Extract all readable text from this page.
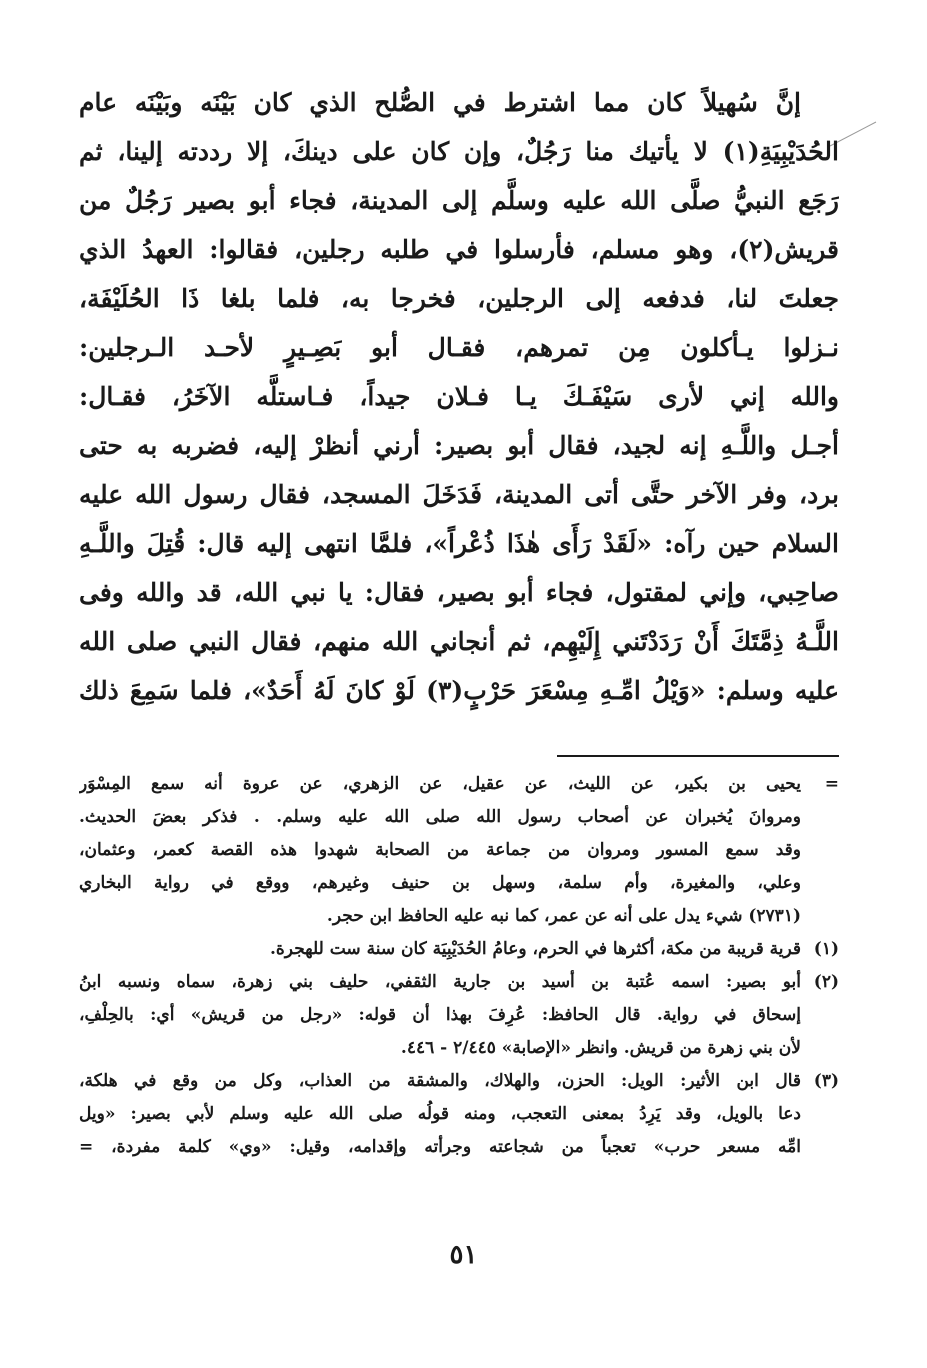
إنَّ سُهيلاً كان مما اشترط في الصُّلح الذي كان بَيْنَه وبَيْنَه عام
الحُدَيْبِيَةِ(١) لا يأتيك منا رَجُلٌ، وإن كان على دينكَ، إلا رددته إلينا، ثم
رَجَع النبيُّ صلَّى الله عليه وسلَّم إلى المدينة، فجاء أبو بصير رَجُلٌ من
قريش(٢)، وهو مسلم، فأرسلوا في طلبه رجلين، فقالوا: العهدُ الذي
جعلتَ لنا، فدفعه إلى الرجلين، فخرجا به، فلما بلغا ذَا الحُلَيْفَة،
نـزلوا يـأكلون مِن تمرهم، فقـال أبو بَصِـيرٍ لأحـد الـرجلين:
والله إني لأرى سَيْفَـكَ يـا فـلان جيداً، فـاستلَّه الآخَرُ، فقـال:
أجـل واللَّـهِ إنه لجيد، فقال أبو بصير: أرني أنظرْ إليه، فضربه به حتى
برد، وفر الآخر حتَّى أتى المدينة، فَدَخَلَ المسجد، فقال رسول الله عليه
السلام حين رآه: «لَقَدْ رَأَى هٰذَا ذُعْراً»، فلمَّا انتهى إليه قال: قُتِلَ واللَّـهِ
صاحِبي، وإني لمقتول، فجاء أبو بصير، فقال: يا نبي الله، قد والله وفى
اللَّـهُ ذِمَّتَكَ أَنْ رَدَدْتَني إِلَيْهِم، ثم أنجاني الله منهم، فقال النبي صلى الله
عليه وسلم: «وَيْلُ امِّـهِ مِسْعَرَ حَرْبٍ(٣) لَوْ كانَ لَهُ أَحَدٌ»، فلما سَمِعَ ذلك
=
يحيى بن بكير، عن الليث، عن عقيل، عن الزهري، عن عروة أنه سمع المِسْوَر
ومروانَ يُخبران عن أصحاب رسول الله صلى الله عليه وسلم. . فذكر بعضَ الحديث.
وقد سمع المسور ومروان من جماعة من الصحابة شهدوا هذه القصة كعمر، وعثمان،
وعلي، والمغيرة، وأم سلمة، وسهل بن حنيف وغيرهم، ووقع في رواية البخاري
(٢٧٣١) شيء يدل على أنه عن عمر، كما نبه عليه الحافظ ابن حجر.
(١)
قرية قريبة من مكة، أكثرها في الحرم، وعامُ الحُدَيْبِيَة كان سنة ست للهجرة.
(٢)
أبو بصير: اسمه عُتبة بن أسيد بن جارية الثقفي، حليف بني زهرة، سماه ونسبه ابنُ
إسحاق في رواية. قال الحافظ: عُرِفَ بهذا أن قوله: «رجل من قريش» أي: بالحِلْفِ،
لأن بني زهرة من قريش. وانظر «الإصابة» ٢/٤٤٥ - ٤٤٦.
(٣)
قال ابن الأثير: الويل: الحزن، والهلاك، والمشقة من العذاب، وكل من وقع في هلكة،
دعا بالويل، وقد يَرِدُ بمعنى التعجب، ومنه قولُه صلى الله عليه وسلم لأبي بصير: «ويل
امِّه مسعر حرب» تعجباً من شجاعته وجرأته وإقدامه، وقيل: «وي» كلمة مفردة، =
٥١
